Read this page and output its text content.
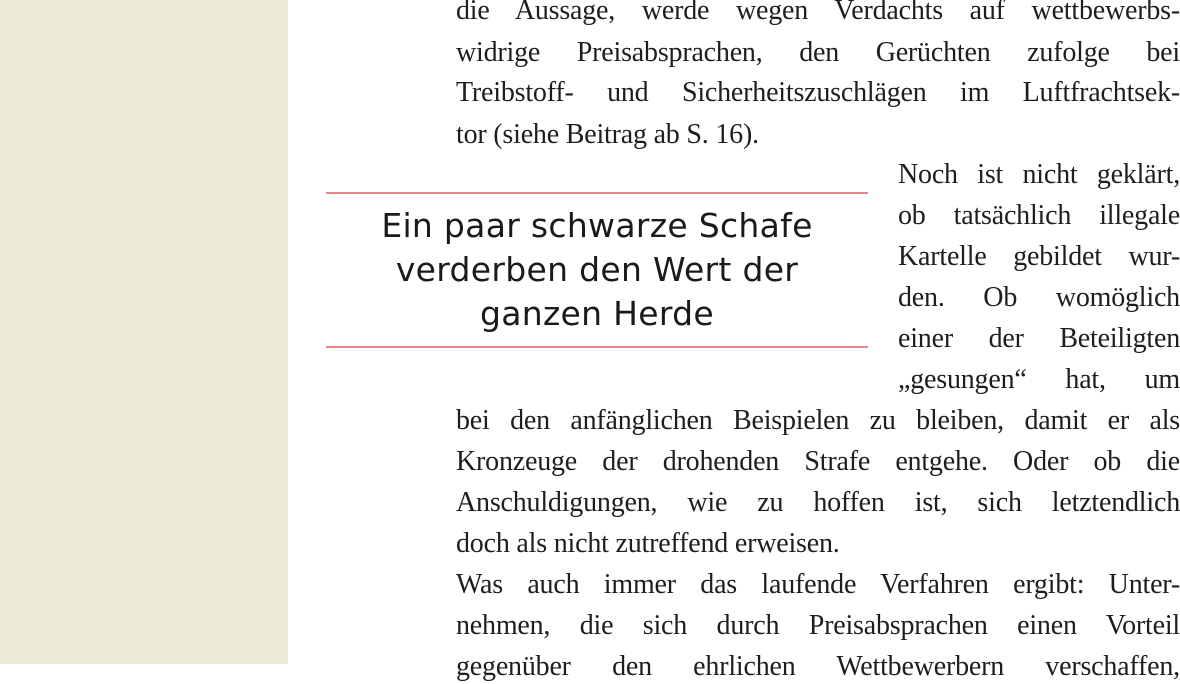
die Aussage, werde wegen Verdachts auf wettbewerbs-

widrige Preisabsprachen, den Gerüchten zufolge bei

Treibstoff- und Sicherheitszuschlägen im Luftfrachtsek-

tor (siehe Beitrag ab S. 16).

Ein paar schwarze Schafe
verderben den Wert der
ganzen Herde

Noch ist nicht geklärt,

ob tatsächlich illegale

Kartelle gebildet wur-

den. Ob womöglich

einer der Beteiligten

„gesungen“ hat, um

bei den anfänglichen Beispielen zu bleiben, damit er als

Kronzeuge der drohenden Strafe entgehe. Oder ob die

Anschuldigungen, wie zu hoffen ist, sich letztendlich

doch als nicht zutreffend erweisen.

Was auch immer das laufende Verfahren ergibt: Unter-

nehmen, die sich durch Preisabsprachen einen Vorteil

gegenüber den ehrlichen Wettbewerbern verschaffen,
